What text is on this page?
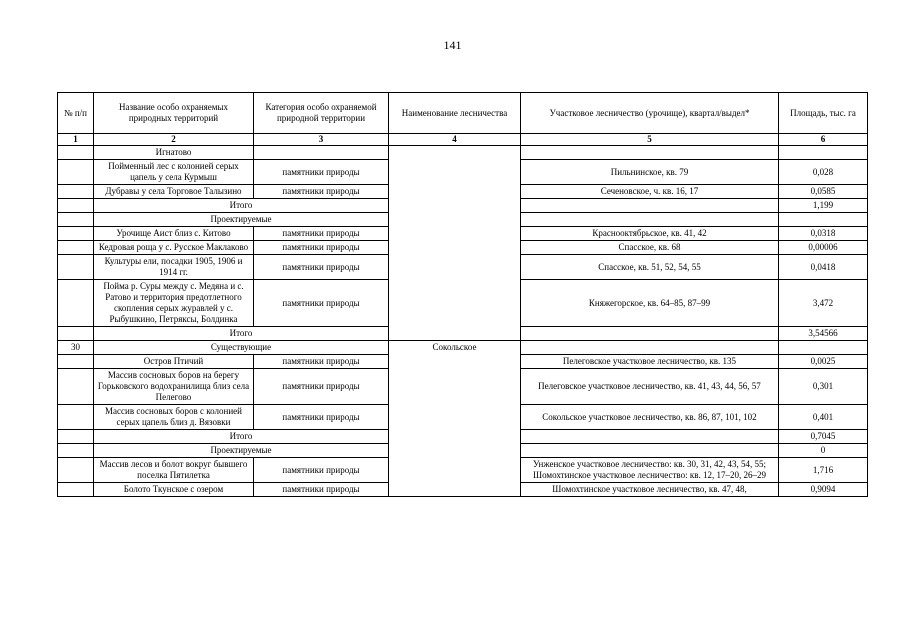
141
№ п/п	Название особо охраняемых природных территорий	Категория особо охраняемой природной территории	Наименование лесничества	Участковое лесничество (урочище), квартал/выдел*	Площадь, тыс. га
1	2	3	4	5	6
	Игнатово				
	Пойменный лес с колонией серых цапель у села Курмыш	памятники природы		Пильнинское, кв. 79	0,028
	Дубравы у села Торговое Талызино	памятники природы		Сеченовское, ч. кв. 16, 17	0,0585
	Итого				1,199
	Проектируемые				
	Урочище Аист близ с. Китово	памятники природы		Краснооктябрьское, кв. 41, 42	0,0318
	Кедровая роща у с. Русское Маклаково	памятники природы		Спасское, кв. 68	0,00006
	Культуры ели, посадки 1905, 1906 и 1914 гг.	памятники природы		Спасское, кв. 51, 52, 54, 55	0,0418
	Пойма р. Суры между с. Медяна и с. Ратово и территория предотлетного скопления серых журавлей у с. Рыбушкино, Петряксы, Болдинка	памятники природы		Княжегорское, кв. 64–85, 87–99	3,472
	Итого				3,54566
30	Существующие		Сокольское		
	Остров Птичий	памятники природы		Пелеговское участковое лесничество, кв. 135	0,0025
	Массив сосновых боров на берегу Горьковского водохранилища близ села Пелегово	памятники природы		Пелеговское участковое лесничество, кв. 41, 43, 44, 56, 57	0,301
	Массив сосновых боров с колонией серых цапель близ д. Вязовки	памятники природы		Сокольское участковое лесничество, кв. 86, 87, 101, 102	0,401
	Итого				0,7045
	Проектируемые				0
	Массив лесов и болот вокруг бывшего поселка Пятилетка	памятники природы		Унженское участковое лесничество: кв. 30, 31, 42, 43, 54, 55; Шомохтинское участковое лесничество: кв. 12, 17–20, 26–29	1,716
	Болото Ткунское с озером	памятники природы		Шомохтинское участковое лесничество, кв. 47, 48,	0,9094
